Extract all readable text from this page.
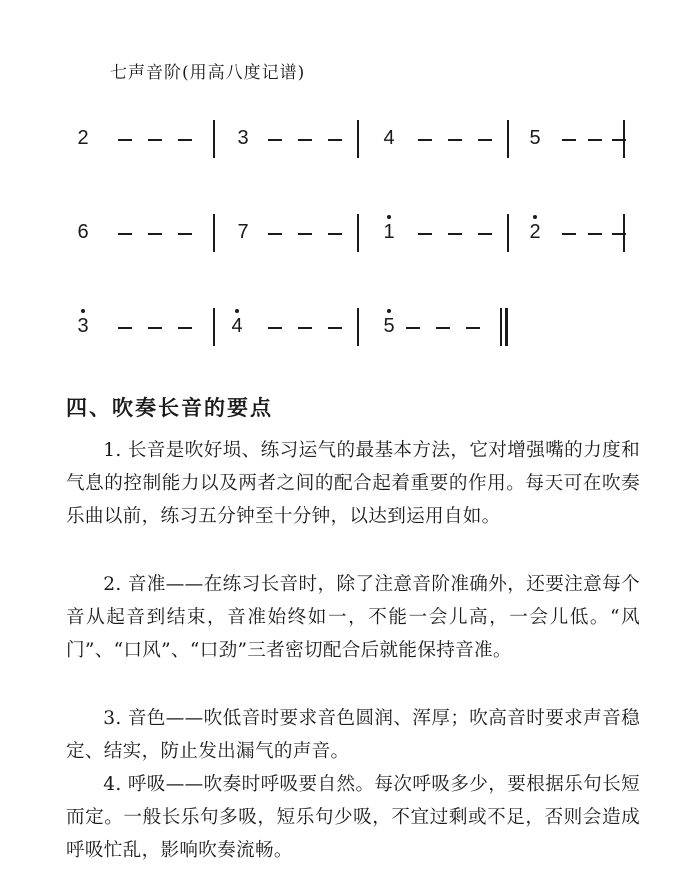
七声音阶(用高八度记谱)
2	3	4	5
6	7	1	2
3	4	5
四、吹奏长音的要点

1. 长音是吹好埙、练习运气的最基本方法，它对增强嘴的力度和气息的控制能力以及两者之间的配合起着重要的作用。每天可在吹奏乐曲以前，练习五分钟至十分钟，以达到运用自如。

2. 音准——在练习长音时，除了注意音阶准确外，还要注意每个音从起音到结束，音准始终如一，不能一会儿高，一会儿低。“风门”、“口风”、“口劲”三者密切配合后就能保持音准。

3. 音色——吹低音时要求音色圆润、浑厚；吹高音时要求声音稳定、结实，防止发出漏气的声音。

4. 呼吸——吹奏时呼吸要自然。每次呼吸多少，要根据乐句长短而定。一般长乐句多吸，短乐句少吸，不宜过剩或不足，否则会造成呼吸忙乱，影响吹奏流畅。
